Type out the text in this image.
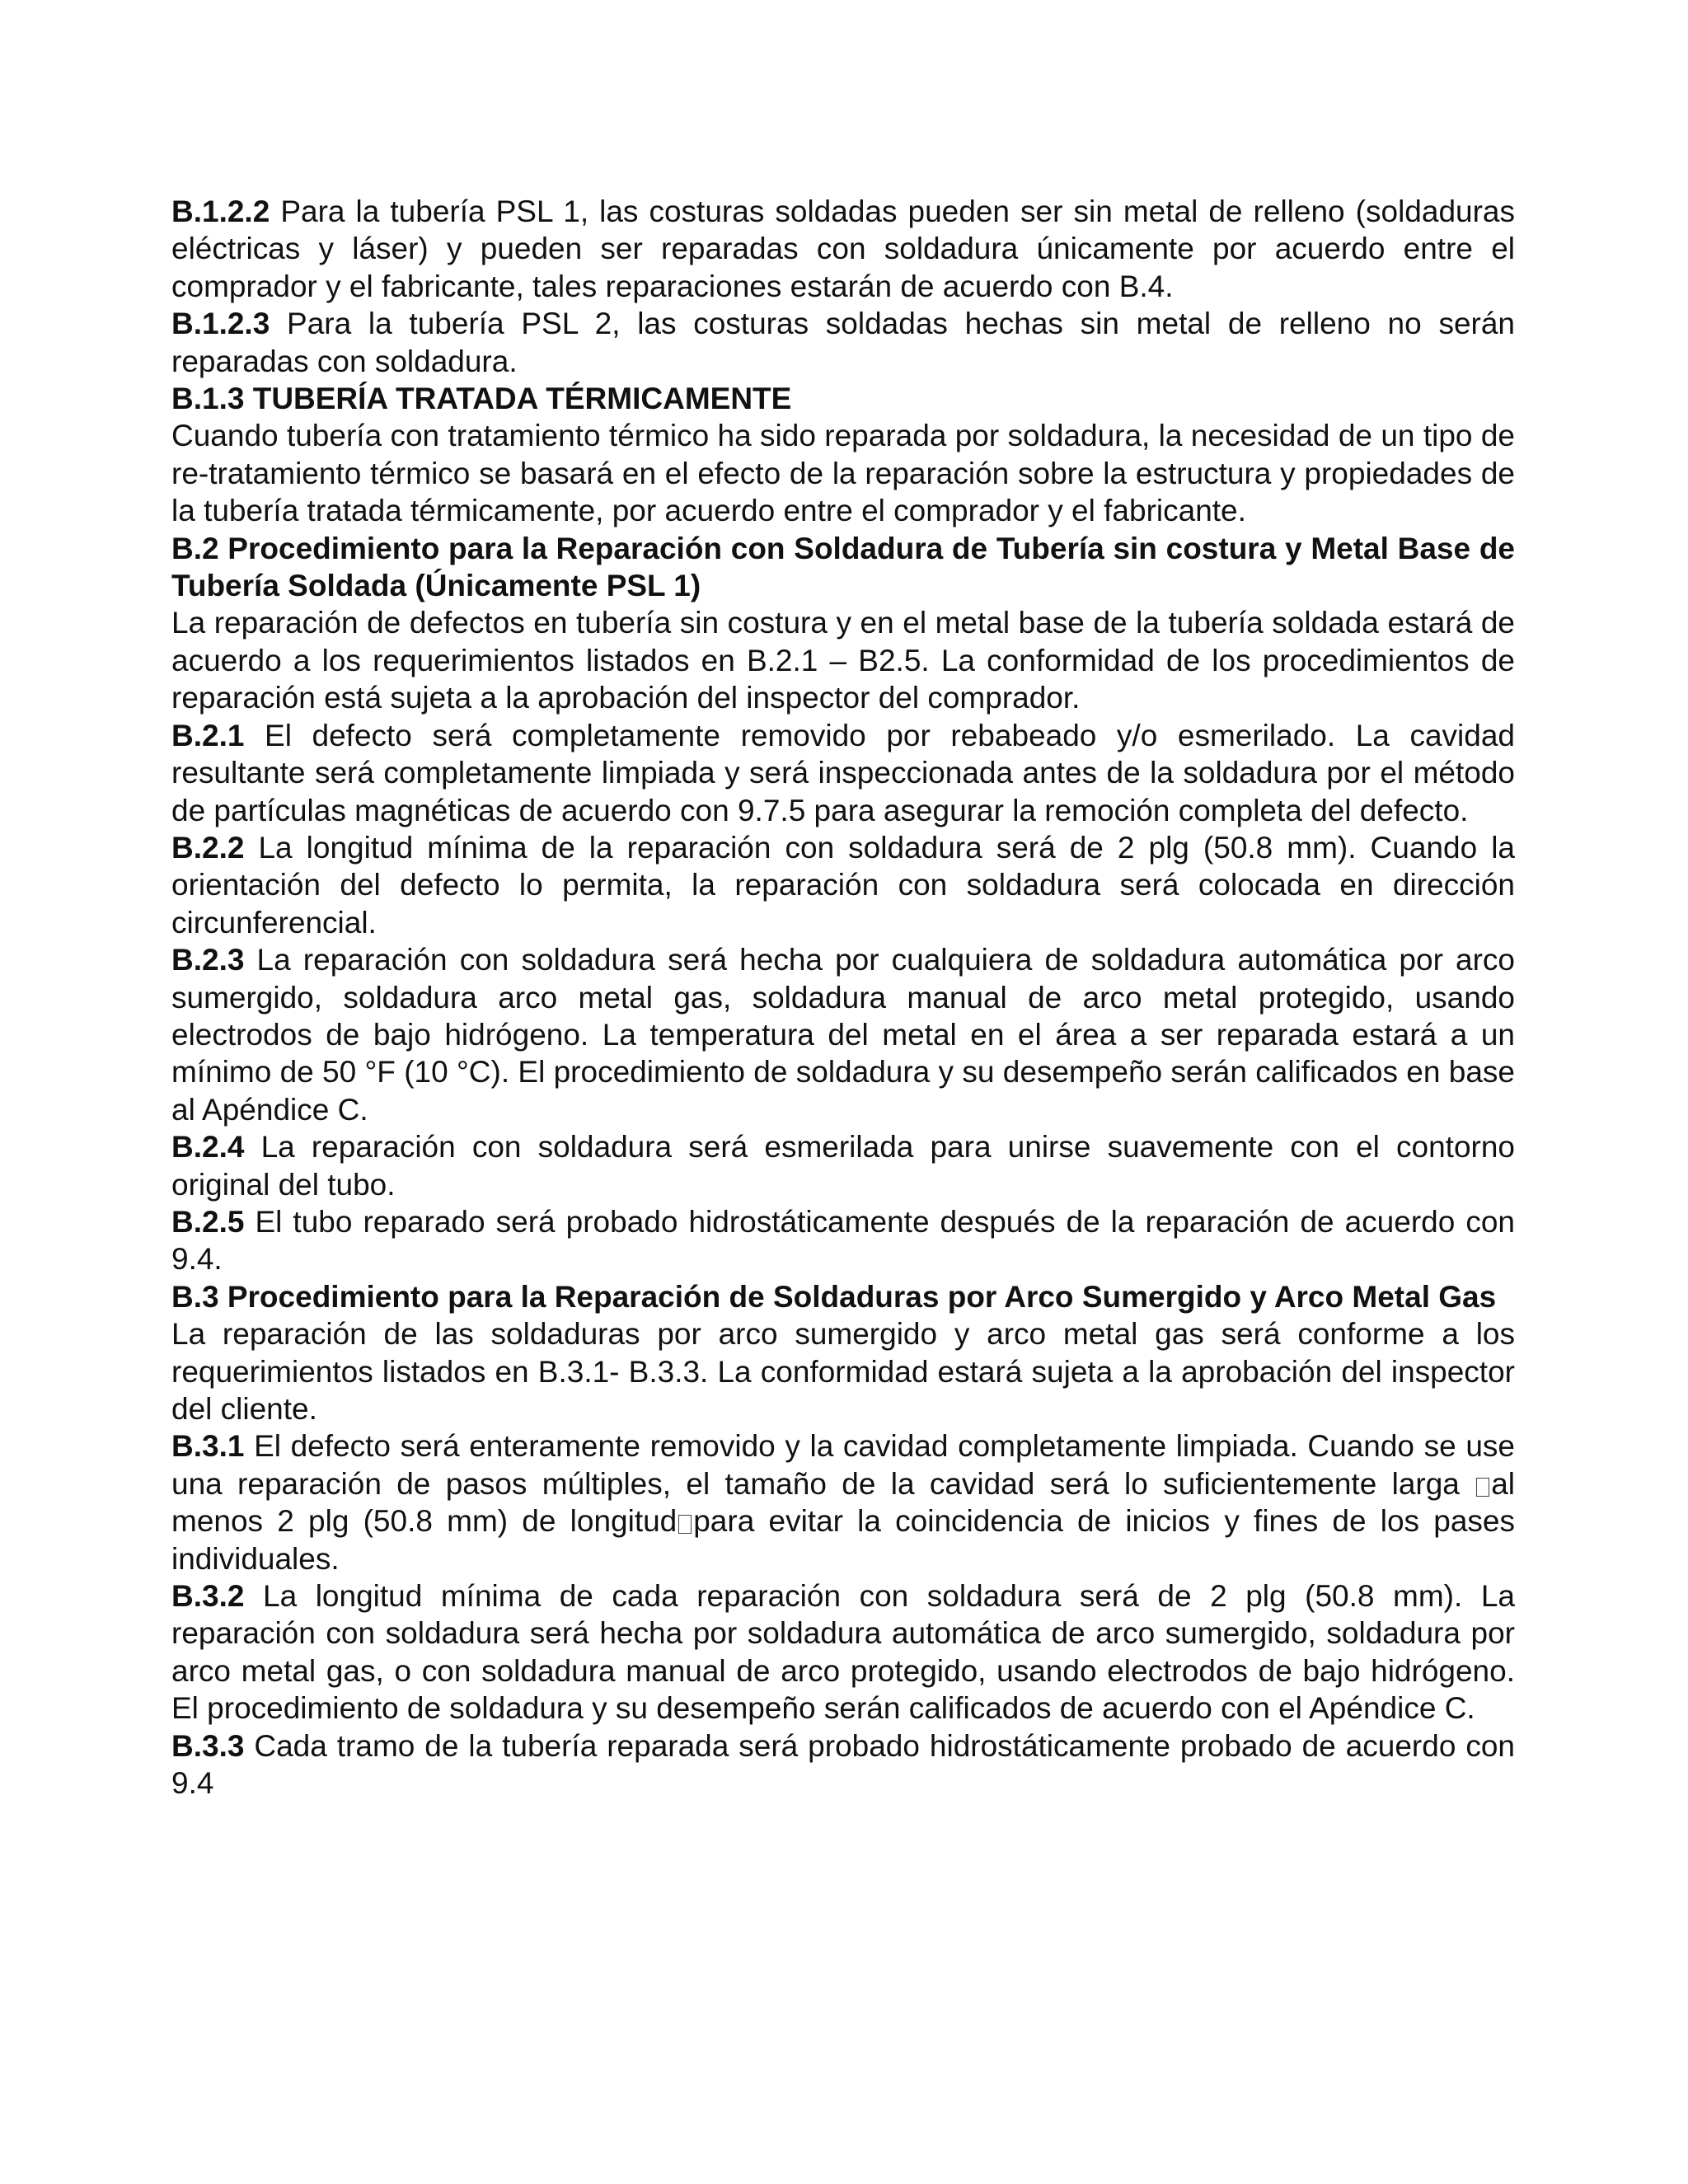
B.1.2.2 Para la tubería PSL 1, las costuras soldadas pueden ser sin metal de relleno (soldaduras eléctricas y láser) y pueden ser reparadas con soldadura únicamente por acuerdo entre el comprador y el fabricante, tales reparaciones estarán de acuerdo con B.4.

B.1.2.3 Para la tubería PSL 2, las costuras soldadas hechas sin metal de relleno no serán reparadas con soldadura.

B.1.3 TUBERÍA TRATADA TÉRMICAMENTE

Cuando tubería con tratamiento térmico ha sido reparada por soldadura, la necesidad de un tipo de re-tratamiento térmico se basará en el efecto de la reparación sobre la estructura y propiedades de la tubería tratada térmicamente, por acuerdo entre el comprador y el fabricante.

B.2 Procedimiento para la Reparación con Soldadura de Tubería sin costura y Metal Base de Tubería Soldada (Únicamente PSL 1)

La reparación de defectos en tubería sin costura y en el metal base de la tubería soldada estará de acuerdo a los requerimientos listados en B.2.1 – B2.5. La conformidad de los procedimientos de reparación está sujeta a la aprobación del inspector del comprador.

B.2.1 El defecto será completamente removido por rebabeado y/o esmerilado. La cavidad resultante será completamente limpiada y será inspeccionada antes de la soldadura por el método de partículas magnéticas de acuerdo con 9.7.5 para asegurar la remoción completa del defecto.

B.2.2 La longitud mínima de la reparación con soldadura será de 2 plg (50.8 mm). Cuando la orientación del defecto lo permita, la reparación con soldadura será colocada en dirección circunferencial.

B.2.3 La reparación con soldadura será hecha por cualquiera de soldadura automática por arco sumergido, soldadura arco metal gas, soldadura manual de arco metal protegido, usando electrodos de bajo hidrógeno. La temperatura del metal en el área a ser reparada estará a un mínimo de 50 °F (10 °C). El procedimiento de soldadura y su desempeño serán calificados en base al Apéndice C.

B.2.4 La reparación con soldadura será esmerilada para unirse suavemente con el contorno original del tubo.

B.2.5 El tubo reparado será probado hidrostáticamente después de la reparación de acuerdo con 9.4.

B.3 Procedimiento para la Reparación de Soldaduras por Arco Sumergido y Arco Metal Gas

La reparación de las soldaduras por arco sumergido y arco metal gas será conforme a los requerimientos listados en B.3.1- B.3.3. La conformidad estará sujeta a la aprobación del inspector del cliente.

B.3.1 El defecto será enteramente removido y la cavidad completamente limpiada. Cuando se use una reparación de pasos múltiples, el tamaño de la cavidad será lo suficientemente larga al menos 2 plg (50.8 mm) de longitud para evitar la coincidencia de inicios y fines de los pases individuales.

B.3.2 La longitud mínima de cada reparación con soldadura será de 2 plg (50.8 mm). La reparación con soldadura será hecha por soldadura automática de arco sumergido, soldadura por arco metal gas, o con soldadura manual de arco protegido, usando electrodos de bajo hidrógeno. El procedimiento de soldadura y su desempeño serán calificados de acuerdo con el Apéndice C.

B.3.3 Cada tramo de la tubería reparada será probado hidrostáticamente probado de acuerdo con 9.4
